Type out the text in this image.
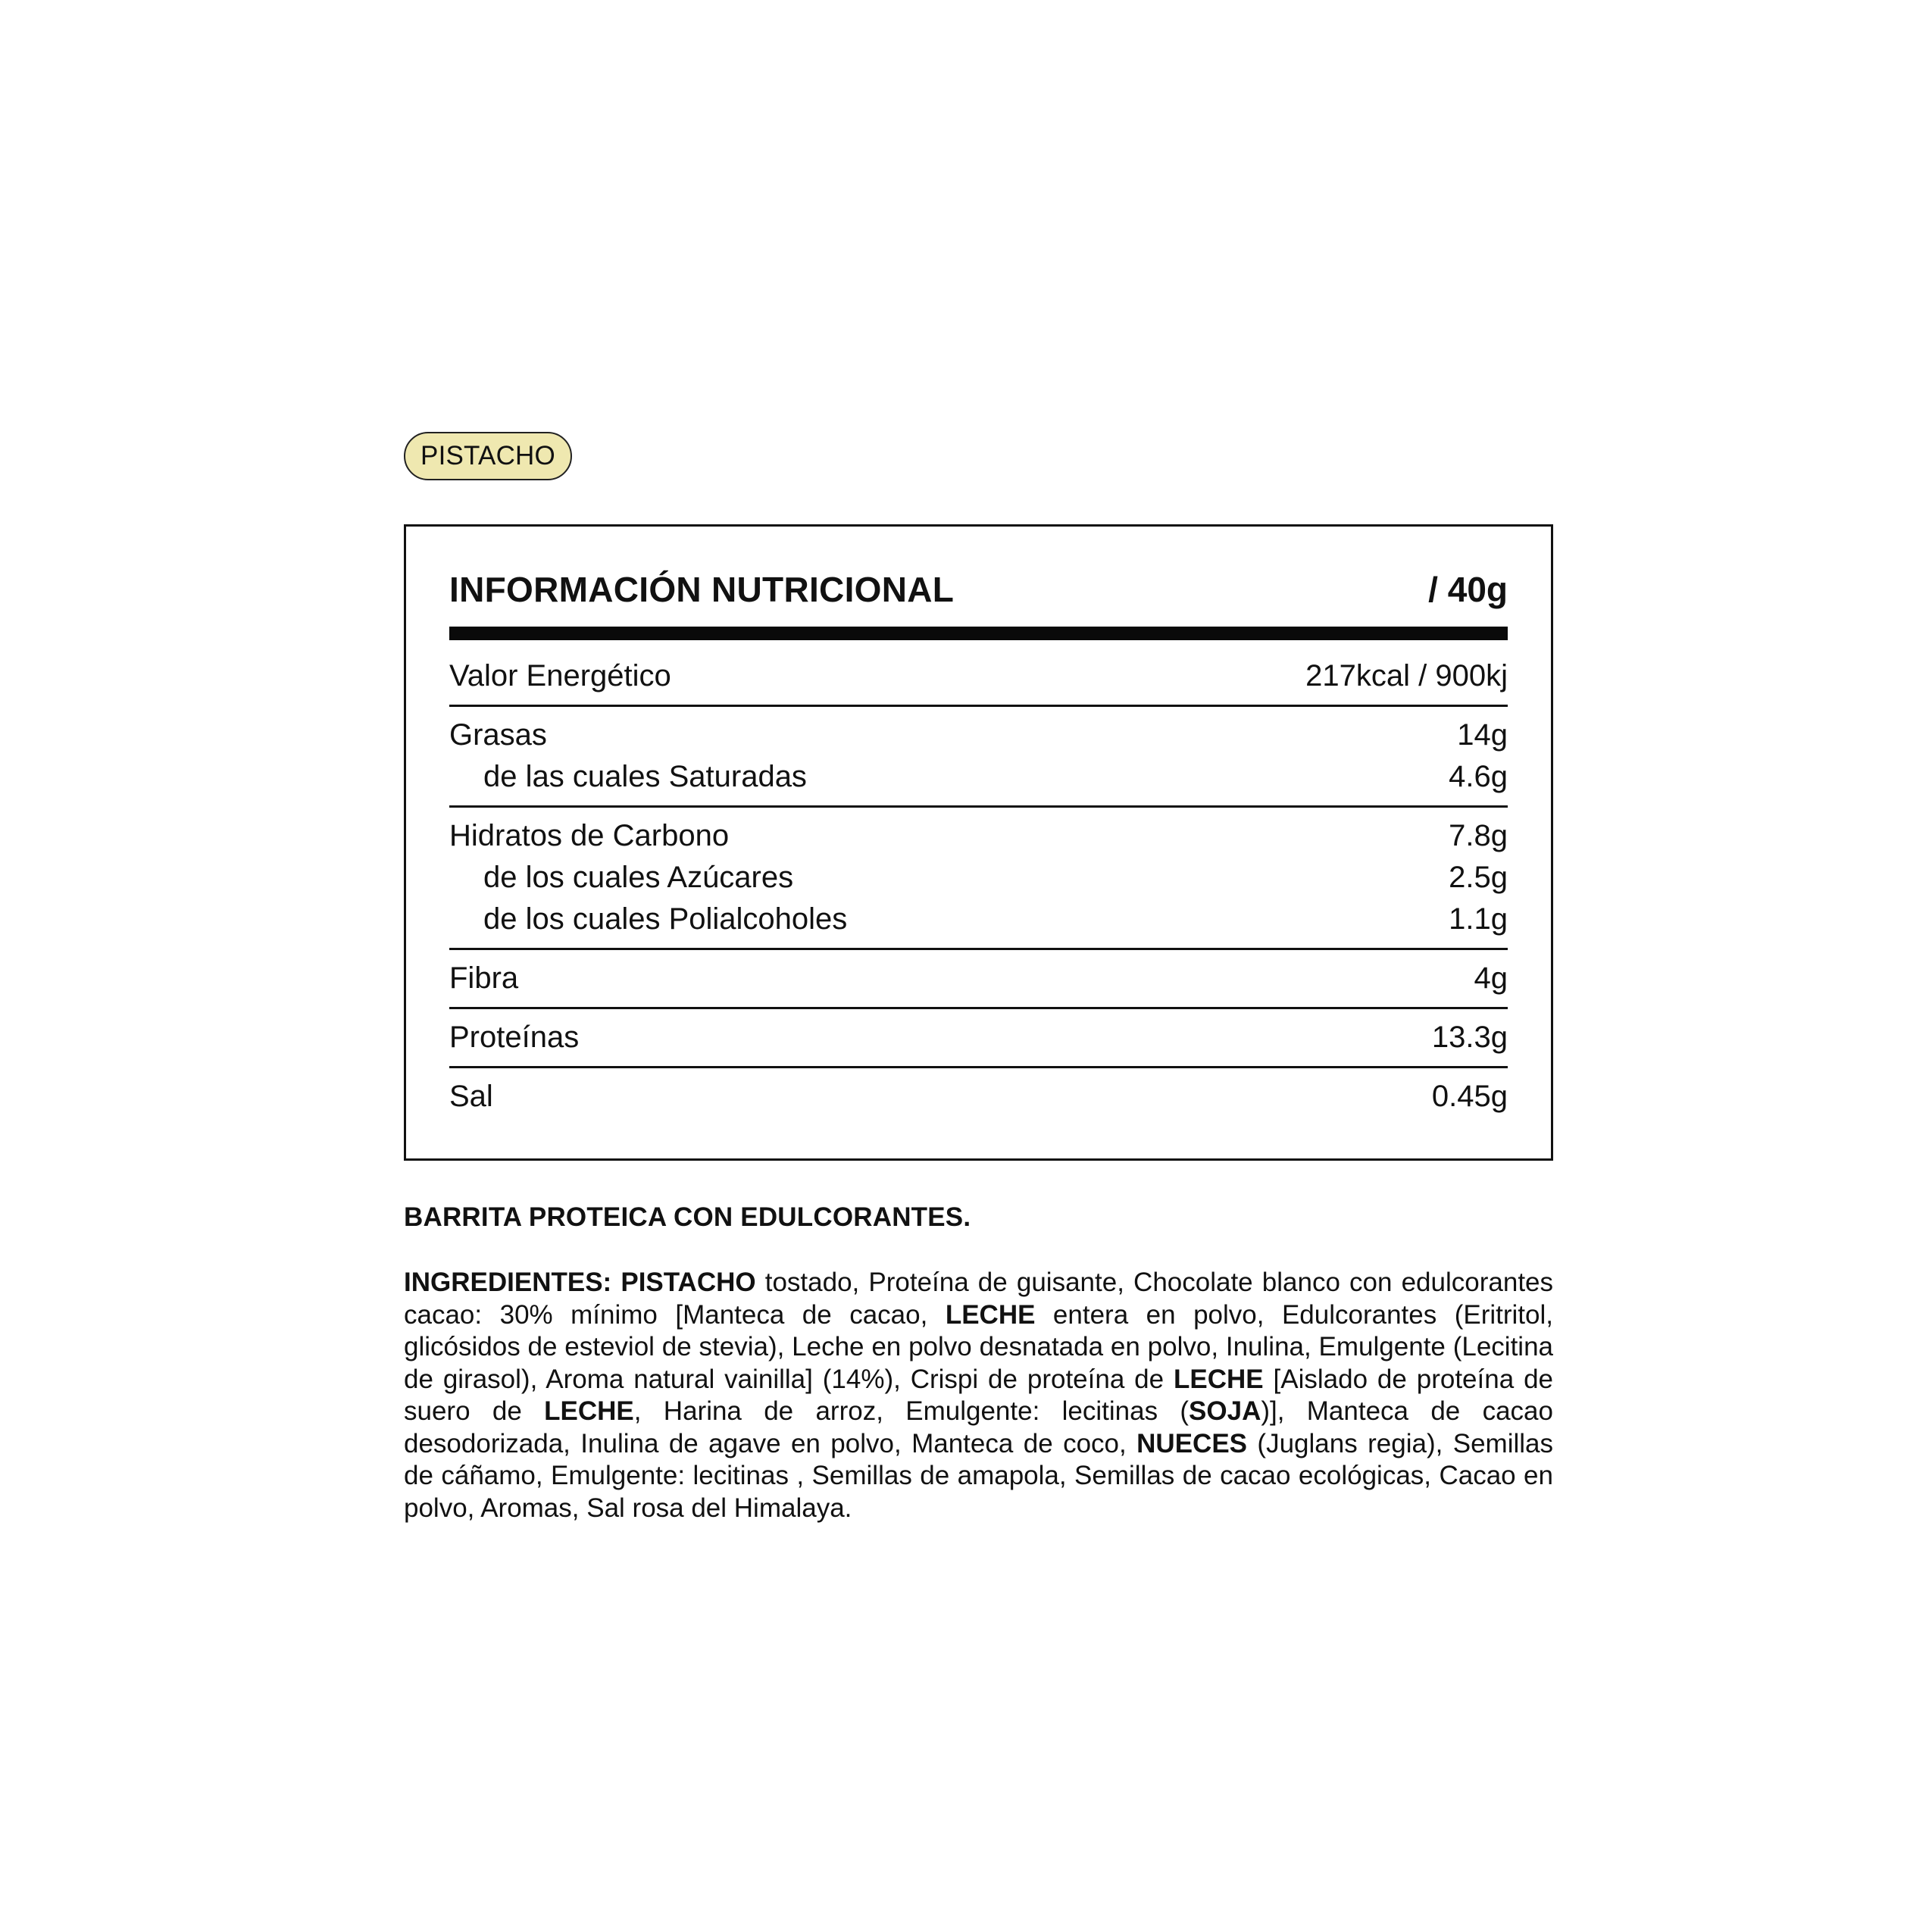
PISTACHO
INFORMACIÓN NUTRICIONAL	/ 40g
Valor Energético	217kcal / 900kj
Grasas	14g
de las cuales Saturadas	4.6g
Hidratos de Carbono	7.8g
de los cuales Azúcares	2.5g
de los cuales Polialcoholes	1.1g
Fibra	4g
Proteínas	13.3g
Sal	0.45g
BARRITA PROTEICA CON EDULCORANTES.
INGREDIENTES: PISTACHO tostado, Proteína de guisante, Chocolate blanco con edulcorantes cacao: 30% mínimo [Manteca de cacao, LECHE entera en polvo, Edulcorantes (Eritritol, glicósidos de esteviol de stevia), Leche en polvo desnatada en polvo, Inulina, Emulgente (Lecitina de girasol), Aroma natural vainilla] (14%), Crispi de proteína de LECHE [Aislado de proteína de suero de LECHE, Harina de arroz, Emulgente: lecitinas (SOJA)], Manteca de cacao desodorizada, Inulina de agave en polvo, Manteca de coco, NUECES (Juglans regia), Semillas de cáñamo, Emulgente: lecitinas , Semillas de amapola, Semillas de cacao ecológicas, Cacao en polvo, Aromas, Sal rosa del Himalaya.
